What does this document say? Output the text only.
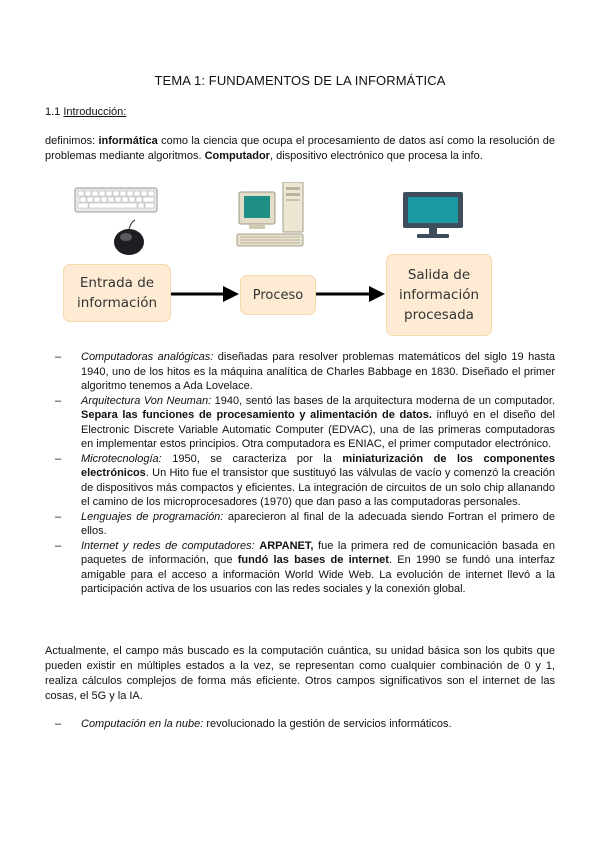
TEMA 1: FUNDAMENTOS DE LA INFORMÁTICA
1.1 Introducción:
definimos: informática como la ciencia que ocupa el procesamiento de datos así como la resolución de problemas mediante algoritmos. Computador, dispositivo electrónico que procesa la info.
Entrada de
información	Proceso
Salida de
información
procesada
– Computadoras analógicas: diseñadas para resolver problemas matemáticos del siglo 19 hasta 1940, uno de los hitos es la máquina analítica de Charles Babbage en 1830. Diseñado el primer algoritmo tenemos a Ada Lovelace.
– Arquitectura Von Neuman: 1940, sentó las bases de la arquitectura moderna de un computador. Separa las funciones de procesamiento y alimentación de datos. influyó en el diseño del Electronic Discrete Variable Automatic Computer (EDVAC), una de las primeras computadoras en implementar estos principios. Otra computadora es ENIAC, el primer computador electrónico.
– Microtecnología: 1950, se caracteriza por la miniaturización de los componentes electrónicos. Un Hito fue el transistor que sustituyó las válvulas de vacío y comenzó la creación de dispositivos más compactos y eficientes. La integración de circuitos de un solo chip allanando el camino de los microprocesadores (1970) que dan paso a las computadoras personales.
– Lenguajes de programación: aparecieron al final de la adecuada siendo Fortran el primero de ellos.
– Internet y redes de computadores: ARPANET, fue la primera red de comunicación basada en paquetes de información, que fundó las bases de internet. En 1990 se fundó una interfaz amigable para el acceso a información World Wide Web. La evolución de internet llevó a la participación activa de los usuarios con las redes sociales y la conexión global.
Actualmente, el campo más buscado es la computación cuántica, su unidad básica son los qubits que pueden existir en múltiples estados a la vez, se representan como cualquier combinación de 0 y 1, realiza cálculos complejos de forma más eficiente. Otros campos significativos son el internet de las cosas, el 5G y la IA.
– Computación en la nube: revolucionado la gestión de servicios informáticos.
